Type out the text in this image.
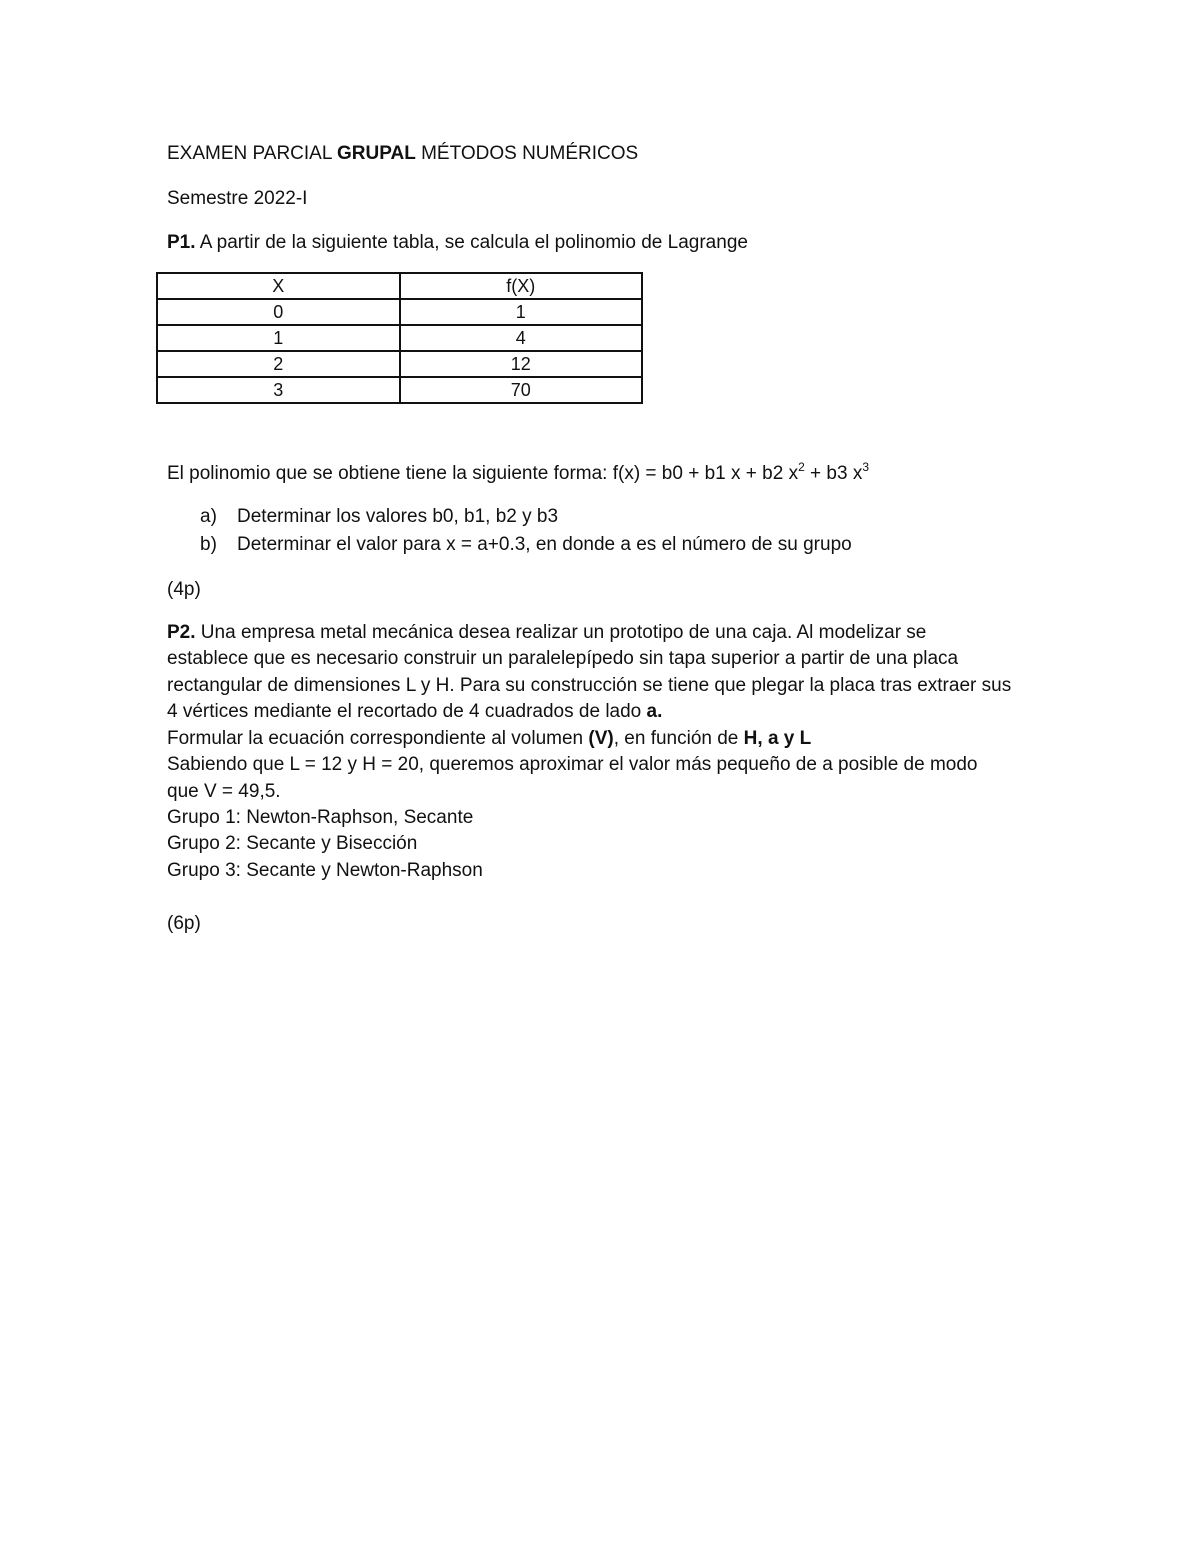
EXAMEN PARCIAL GRUPAL MÉTODOS NUMÉRICOS
Semestre 2022-I
P1. A partir de la siguiente tabla, se calcula el polinomio de Lagrange
X	f(X)
0	1
1	4
2	12
3	70
El polinomio que se obtiene tiene la siguiente forma: f(x) = b0 + b1 x + b2 $x^2 + b3$ $x^3$
a) Determinar los valores b0, b1, b2 y b3
b) Determinar el valor para x = a+0.3, en donde a es el número de su grupo
(4p)
P2. Una empresa metal mecánica desea realizar un prototipo de una caja. Al modelizar se
establece que es necesario construir un paralelepípedo sin tapa superior a partir de una placa
rectangular de dimensiones L y H. Para su construcción se tiene que plegar la placa tras extraer sus
4 vértices mediante el recortado de 4 cuadrados de lado a.
Formular la ecuación correspondiente al volumen (V), en función de H, a y L
Sabiendo que L = 12 y H = 20, queremos aproximar el valor más pequeño de a posible de modo
que V = 49,5.
Grupo 1: Newton-Raphson, Secante
Grupo 2: Secante y Bisección
Grupo 3: Secante y Newton-Raphson
(6p)
